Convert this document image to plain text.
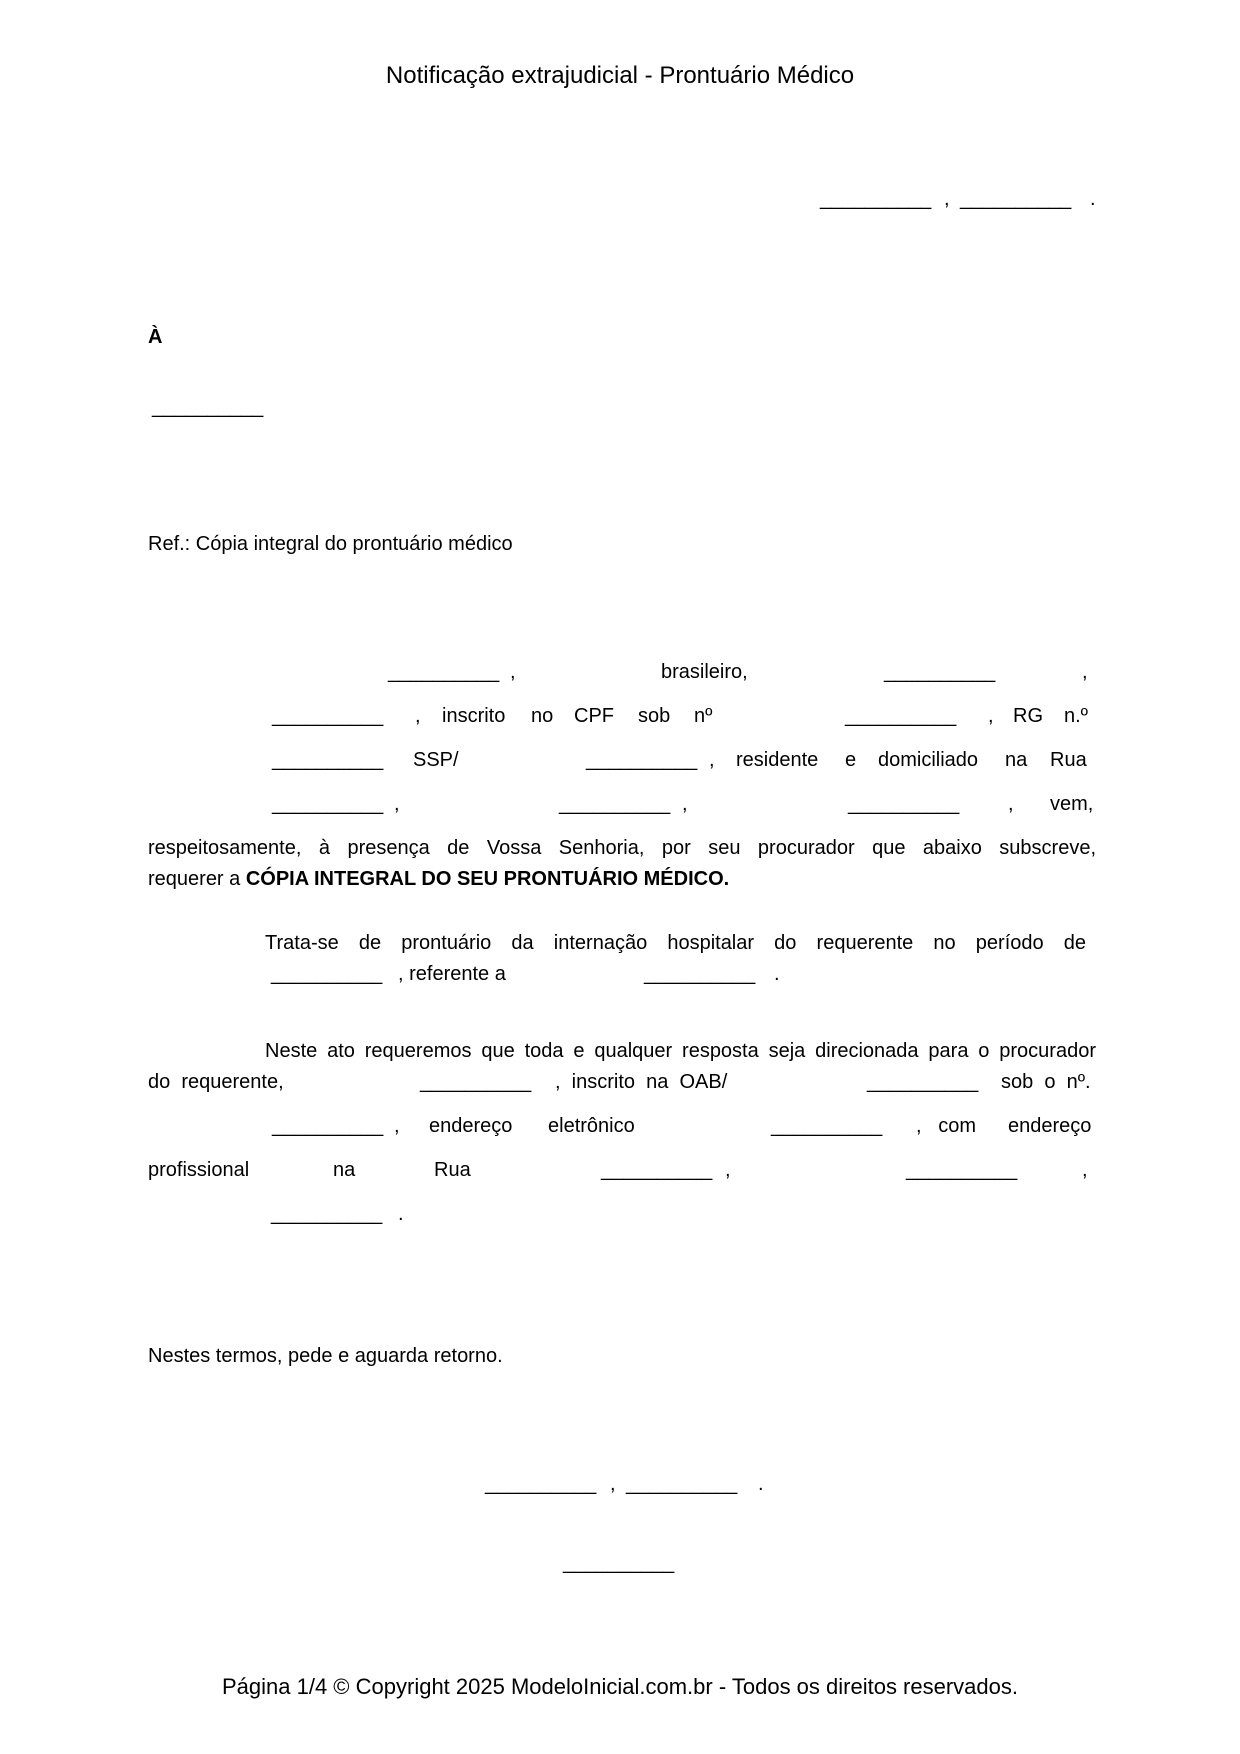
Notificação extrajudicial - Prontuário Médico
__________ , __________ .
À
__________
Ref.: Cópia integral do prontuário médico
__________ ,	brasileiro,	__________	,
__________ , inscrito no CPF sob nº	__________ , RG n.º
__________ SSP/	__________ , residente e domiciliado na Rua
__________ ,	__________ ,	__________ , vem,
respeitosamente, à presença de Vossa Senhoria, por seu procurador que abaixo subscreve,
requerer a CÓPIA INTEGRAL DO SEU PRONTUÁRIO MÉDICO.
Trata-se de prontuário da internação hospitalar do requerente no período de
__________ , referente a	__________ .
Neste ato requeremos que toda e qualquer resposta seja direcionada para o procurador
do  requerente,	__________ ,  inscrito  na  OAB/	__________ sob  o  nº.
__________ , endereço eletrônico	__________ ,   com endereço
profissional	na	Rua	__________ ,	__________	,
__________ .
Nestes termos, pede e aguarda retorno.
__________ , __________ .
__________
Página 1/4 © Copyright 2025 ModeloInicial.com.br - Todos os direitos reservados.
